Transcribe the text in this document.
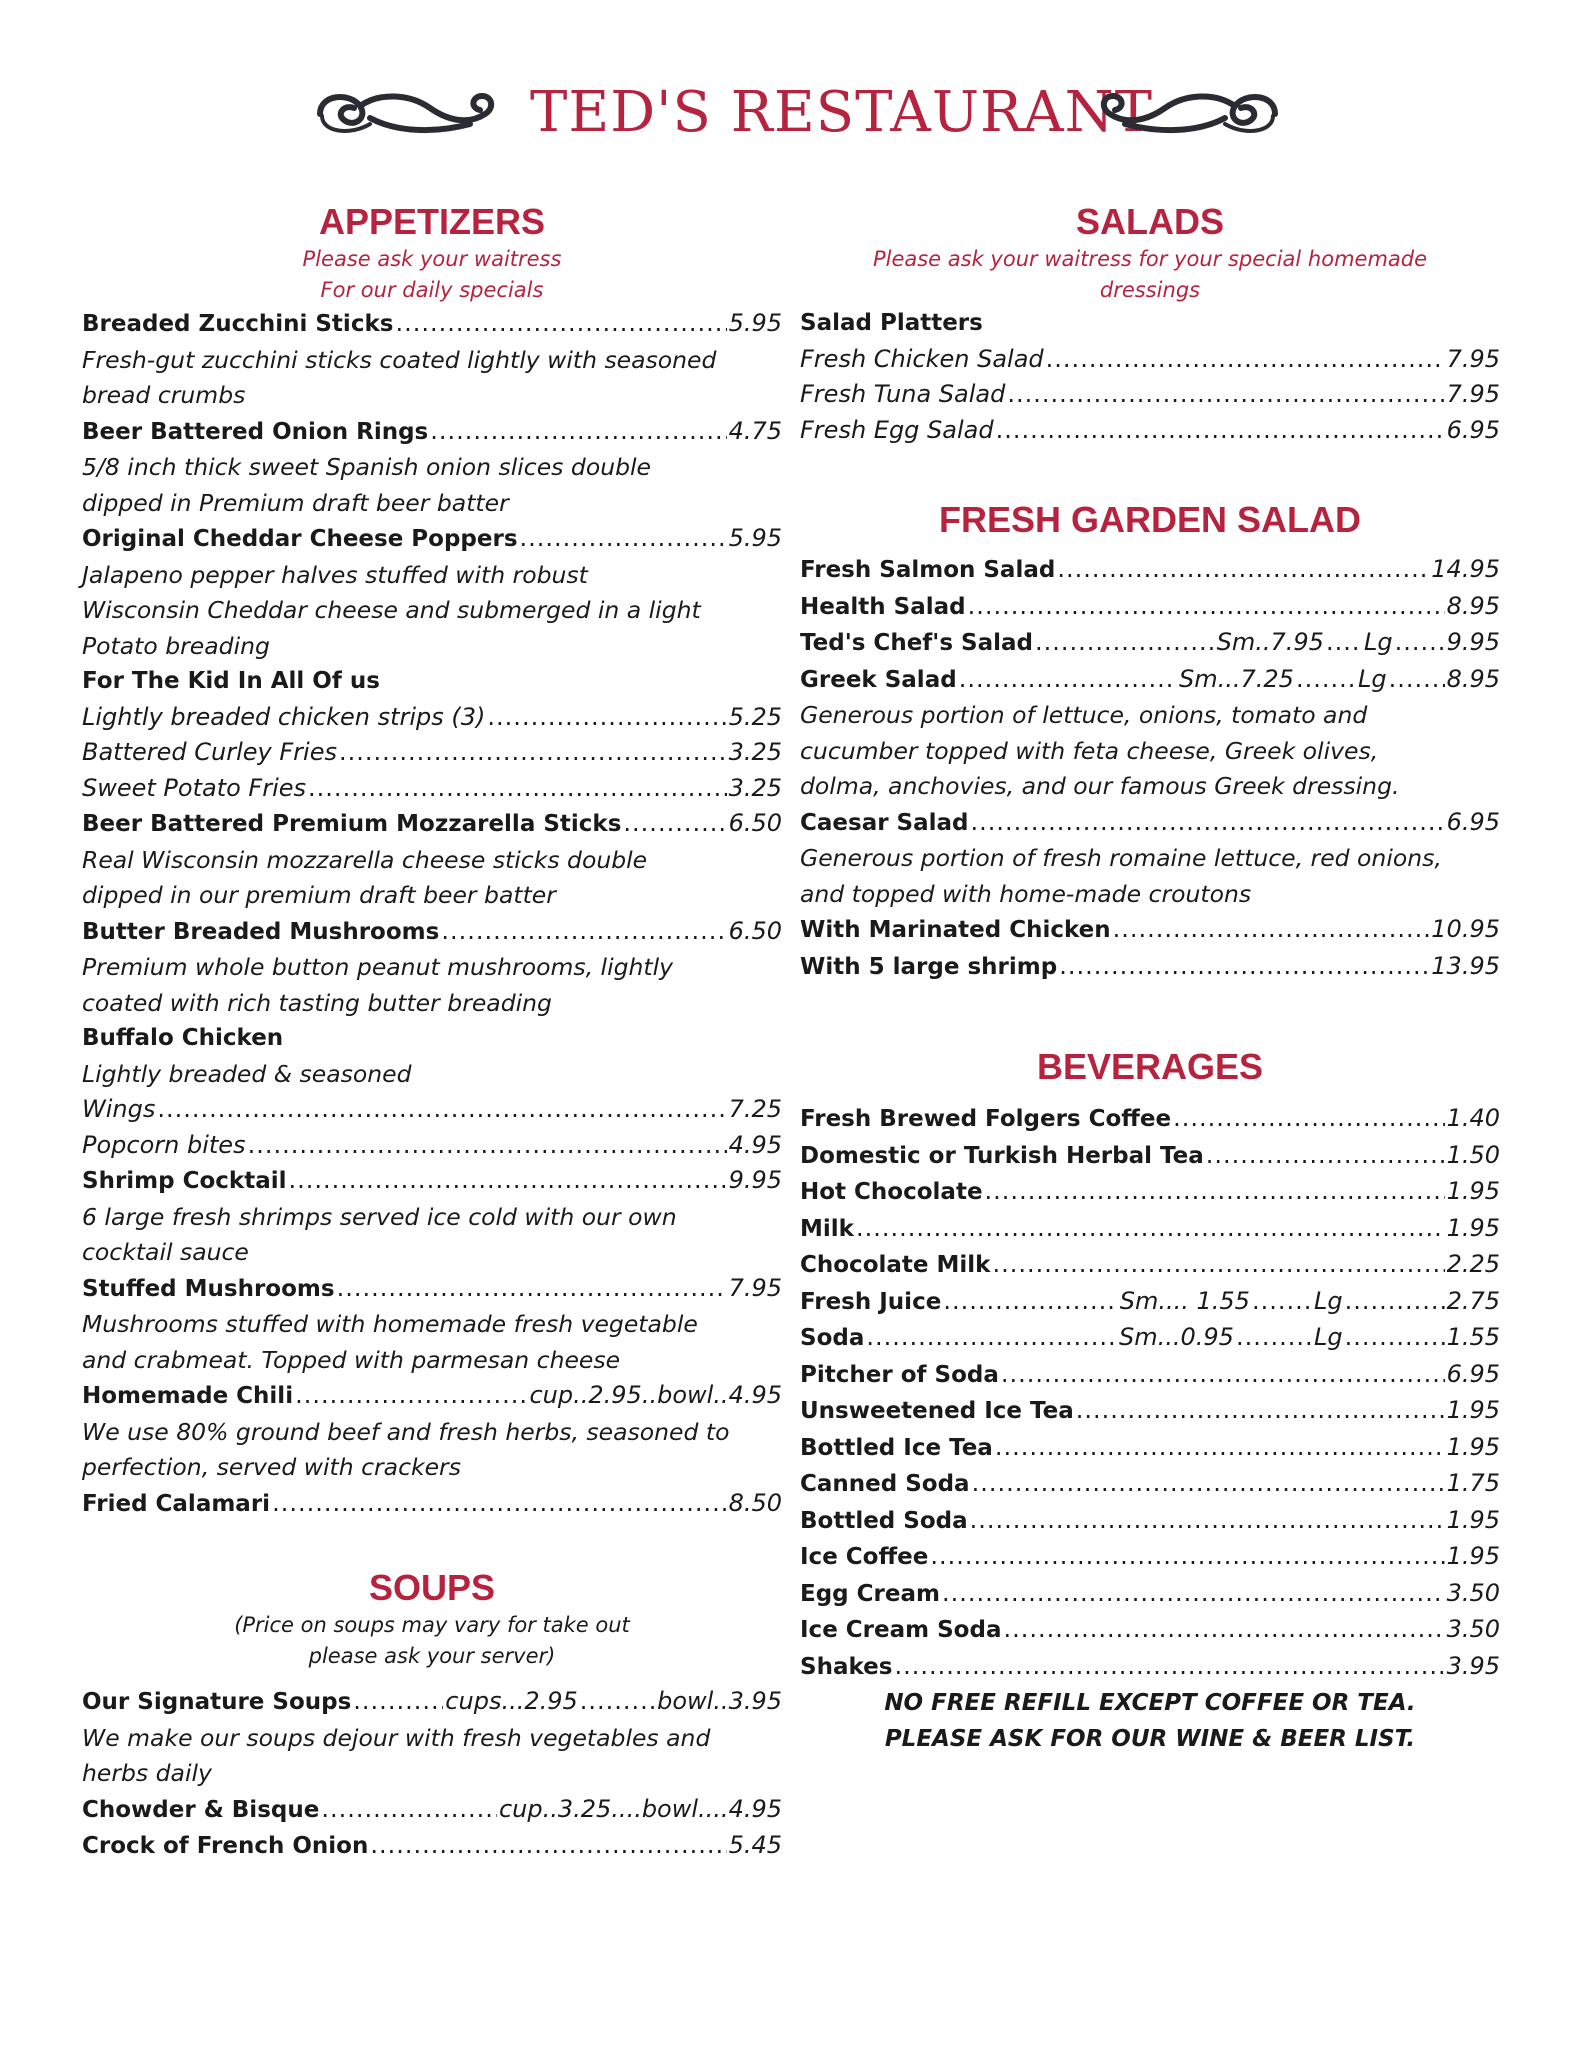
TED'S RESTAURANT
APPETIZERS

Please ask your waitress

For our daily specials

Breaded Zucchini Sticks .....	5.95

Fresh-gut zucchini sticks coated lightly with seasoned

bread crumbs

Beer Battered Onion Rings .....	4.75

5/8 inch thick sweet Spanish onion slices double

dipped in Premium draft beer batter

Original Cheddar Cheese Poppers .....	5.95

Jalapeno pepper halves stuffed with robust

Wisconsin Cheddar cheese and submerged in a light

Potato breading

For The Kid In All Of us

Lightly breaded chicken strips (3) .....	5.25
Battered Curley Fries .....	3.25
Sweet Potato Fries .....	3.25
Beer Battered Premium Mozzarella Sticks .....	6.50

Real Wisconsin mozzarella cheese sticks double

dipped in our premium draft beer batter

Butter Breaded Mushrooms .....	6.50

Premium whole button peanut mushrooms, lightly

coated with rich tasting butter breading

Buffalo Chicken

Lightly breaded & seasoned

Wings .....	7.25
Popcorn bites .....	4.95
Shrimp Cocktail .....	9.95

6 large fresh shrimps served ice cold with our own

cocktail sauce

Stuffed Mushrooms .....	7.95

Mushrooms stuffed with homemade fresh vegetable

and crabmeat. Topped with parmesan cheese

Homemade Chili .....	cup..2.95..bowl.. 4.95

We use 80% ground beef and fresh herbs, seasoned to

perfection, served with crackers

Fried Calamari .....	8.50
SOUPS

(Price on soups may vary for take out

please ask your server)

Our Signature Soups .....	cups...2.95 .....	bowl.. 3.95

We make our soups dejour with fresh vegetables and

herbs daily

Chowder & Bisque .....	cup..3.25....bowl.... 4.95
Crock of French Onion .....	5.45
SALADS

Please ask your waitress for your special homemade

dressings

Salad Platters

Fresh Chicken Salad .....	7.95
Fresh Tuna Salad .....	7.95
Fresh Egg Salad .....	6.95
FRESH GARDEN SALAD
Fresh Salmon Salad .....	14.95
Health Salad .....	8.95
Ted's Chef's Salad .....	Sm..7.95 ..... Lg ..... 9.95
Greek Salad .....	Sm...7.25 .....	Lg .....	8.95

Generous portion of lettuce, onions, tomato and

cucumber topped with feta cheese, Greek olives,

dolma, anchovies, and our famous Greek dressing.

Caesar Salad .....	6.95

Generous portion of fresh romaine lettuce, red onions,

and topped with home-made croutons

With Marinated Chicken .....	10.95
With 5 large shrimp .....	13.95
BEVERAGES
Fresh Brewed Folgers Coffee .....	1.40
Domestic or Turkish Herbal Tea .....	1.50
Hot Chocolate .....	1.95
Milk .....	1.95
Chocolate Milk .....	2.25
Fresh Juice .....	Sm.... 1.55 .....	Lg .....	2.75
Soda .....	Sm...0.95 .....	Lg .....	1.55
Pitcher of Soda .....	6.95
Unsweetened Ice Tea .....	1.95
Bottled Ice Tea .....	1.95
Canned Soda .....	1.75
Bottled Soda .....	1.95
Ice Coffee .....	1.95
Egg Cream .....	3.50
Ice Cream Soda .....	3.50
Shakes .....	3.95

NO FREE REFILL EXCEPT COFFEE OR TEA.

PLEASE ASK FOR OUR WINE & BEER LIST.
